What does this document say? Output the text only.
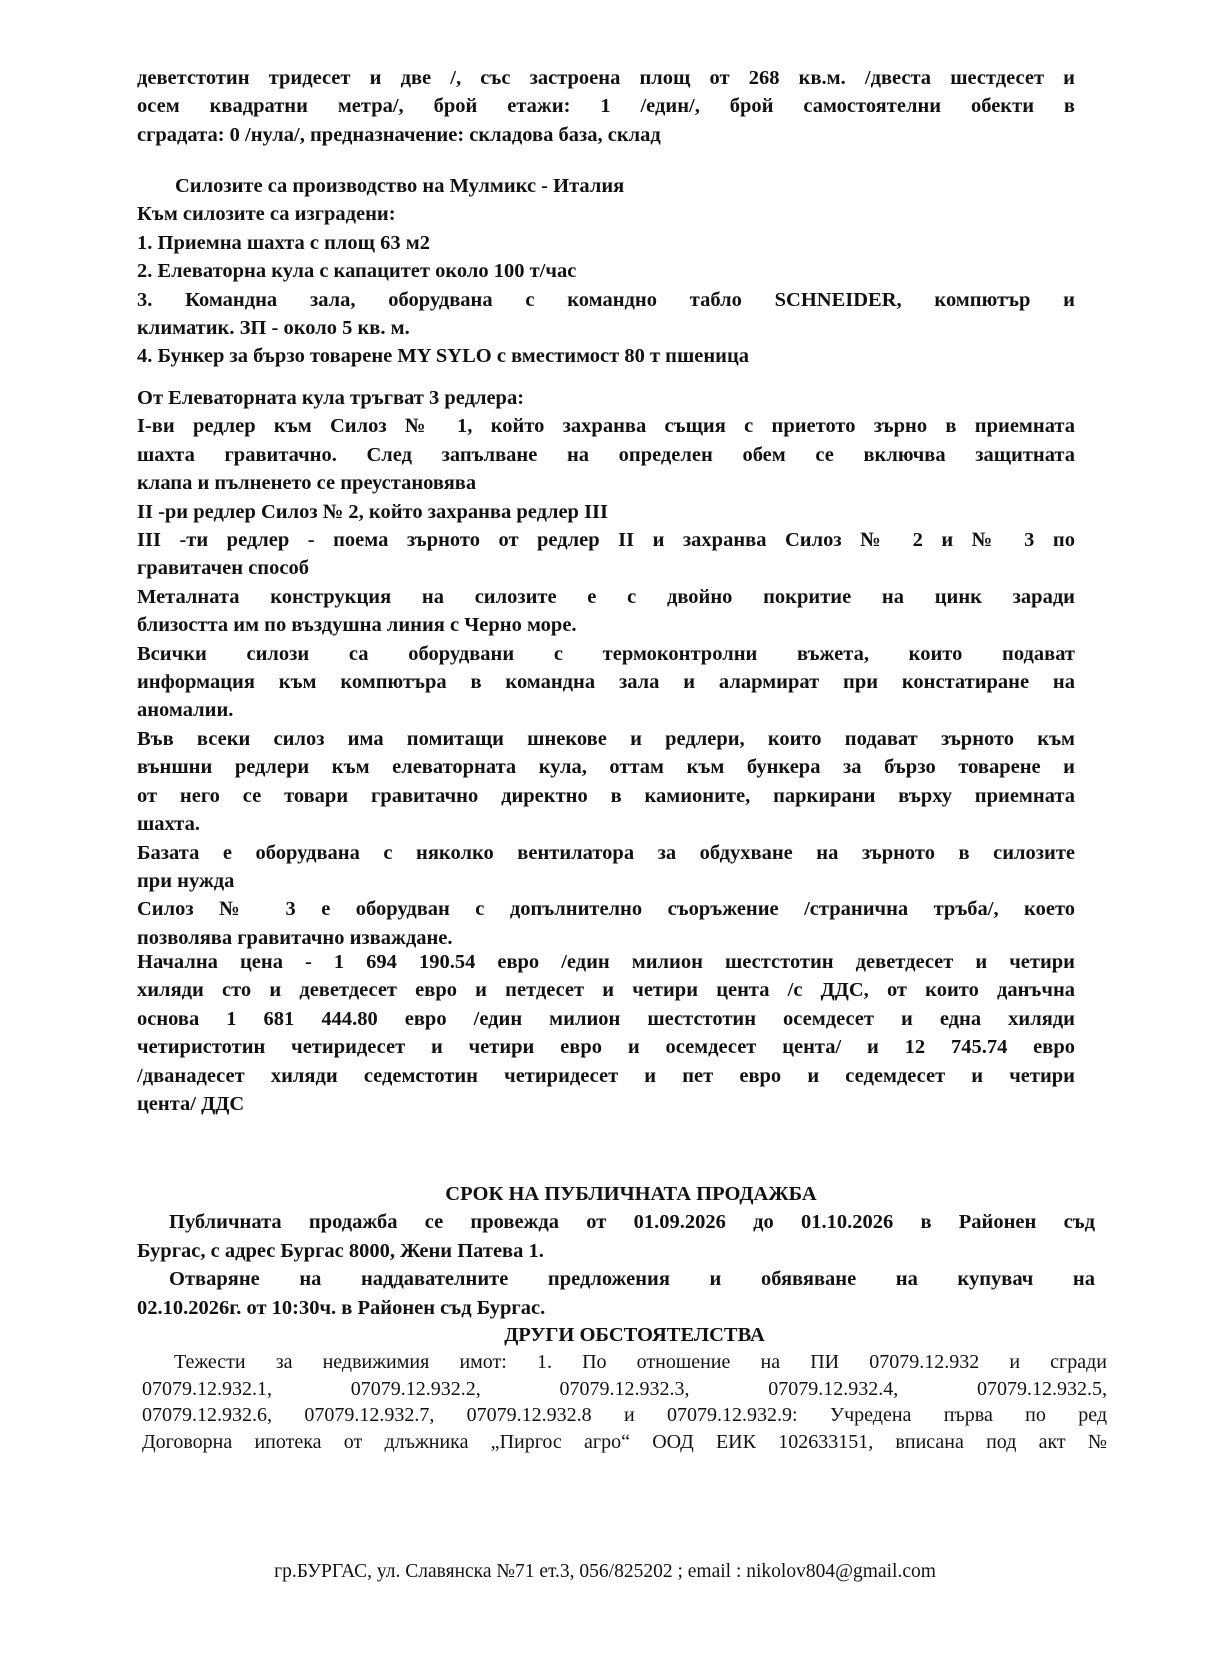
деветстотин тридесет и две /, със застроена площ от 268 кв.м. /двеста шестдесет и

осем квадратни метра/, брой етажи: 1 /един/, брой самостоятелни обекти в

сградата: 0 /нула/, предназначение: складова база, склад

Силозите са производство на Мулмикс - Италия

Към силозите са изградени:

1. Приемна шахта с площ 63 м2

2. Елеваторна кула с капацитет около 100 т/час

3. Командна зала, оборудвана с командно табло SCHNEIDER, компютър и

климатик. ЗП - около 5 кв. м.

4. Бункер за бързо товарене MY SYLO с вместимост 80 т пшеница

От Елеваторната кула тръгват 3 редлера:

I-ви редлер към Силоз № 1, който захранва същия с приетото зърно в приемната

шахта гравитачно. След запълване на определен обем се включва защитната

клапа и пълненето се преустановява

II -ри редлер Силоз № 2, който захранва редлер III

III -ти редлер - поема зърното от редлер II и захранва Силоз № 2 и № 3 по

гравитачен способ

Металната конструкция на силозите е с двойно покритие на цинк заради

близостта им по въздушна линия с Черно море.

Всички силози са оборудвани с термоконтролни въжета, които подават

информация към компютъра в командна зала и алармират при констатиране на

аномалии.

Във всеки силоз има помитащи шнекове и редлери, които подават зърното към

външни редлери към елеваторната кула, оттам към бункера за бързо товарене и

от него се товари гравитачно директно в камионите, паркирани върху приемната

шахта.

Базата е оборудвана с няколко вентилатора за обдухване на зърното в силозите

при нужда

Силоз № 3 е оборудван с допълнително съоръжение /странична тръба/, което

позволява гравитачно изваждане.

Начална цена - 1 694 190.54 евро /един милион шестстотин деветдесет и четири

хиляди сто и деветдесет евро и петдесет и четири цента /с ДДС, от които данъчна

основа 1 681 444.80 евро /един милион шестстотин осемдесет и една хиляди

четиристотин четиридесет и четири евро и осемдесет цента/ и 12 745.74 евро

/дванадесет хиляди седемстотин четиридесет и пет евро и седемдесет и четири

цента/ ДДС

СРОК НА ПУБЛИЧНАТА ПРОДАЖБА

Публичната продажба се провежда от 01.09.2026 до 01.10.2026 в Районен съд

Бургас, с адрес Бургас 8000, Жени Патева 1.

Отваряне на наддавателните предложения и обявяване на купувач на

02.10.2026г. от 10:30ч. в Районен съд Бургас.

ДРУГИ ОБСТОЯТЕЛСТВА

Тежести за недвижимия имот: 1. По отношение на ПИ 07079.12.932 и сгради

07079.12.932.1, 07079.12.932.2, 07079.12.932.3, 07079.12.932.4, 07079.12.932.5,

07079.12.932.6, 07079.12.932.7, 07079.12.932.8 и 07079.12.932.9: Учредена първа по ред

Договорна ипотека от длъжника „Пиргос агро“ ООД ЕИК 102633151, вписана под акт №

гр.БУРГАС, ул. Славянска №71 ет.3, 056/825202 ; email : nikolov804@gmail.com
